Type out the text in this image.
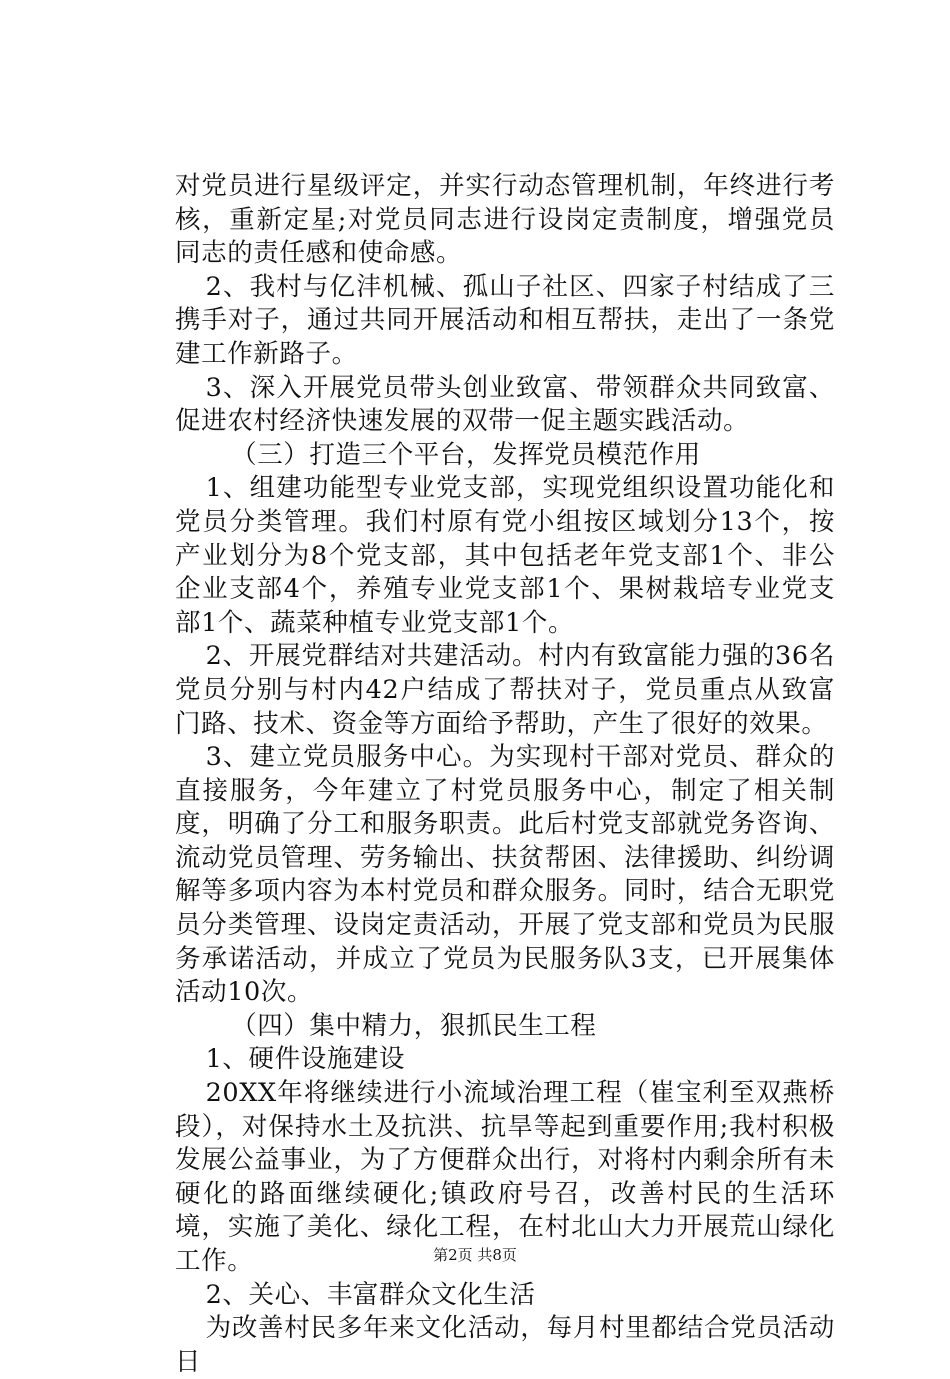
对党员进行星级评定，并实行动态管理机制，年终进行考核，重新定星;对党员同志进行设岗定责制度，增强党员同志的责任感和使命感。

2、我村与亿沣机械、孤山子社区、四家子村结成了三携手对子，通过共同开展活动和相互帮扶，走出了一条党建工作新路子。

3、深入开展党员带头创业致富、带领群众共同致富、促进农村经济快速发展的双带一促主题实践活动。

（三）打造三个平台，发挥党员模范作用

1、组建功能型专业党支部，实现党组织设置功能化和党员分类管理。我们村原有党小组按区域划分13个，按产业划分为8个党支部，其中包括老年党支部1个、非公企业支部4个，养殖专业党支部1个、果树栽培专业党支部1个、蔬菜种植专业党支部1个。

2、开展党群结对共建活动。村内有致富能力强的36名党员分别与村内42户结成了帮扶对子，党员重点从致富门路、技术、资金等方面给予帮助，产生了很好的效果。

3、建立党员服务中心。为实现村干部对党员、群众的直接服务，今年建立了村党员服务中心，制定了相关制度，明确了分工和服务职责。此后村党支部就党务咨询、流动党员管理、劳务输出、扶贫帮困、法律援助、纠纷调解等多项内容为本村党员和群众服务。同时，结合无职党员分类管理、设岗定责活动，开展了党支部和党员为民服务承诺活动，并成立了党员为民服务队3支，已开展集体活动10次。

（四）集中精力，狠抓民生工程

1、硬件设施建设

20XX年将继续进行小流域治理工程（崔宝利至双燕桥段），对保持水土及抗洪、抗旱等起到重要作用;我村积极发展公益事业，为了方便群众出行，对将村内剩余所有未硬化的路面继续硬化;镇政府号召，改善村民的生活环境，实施了美化、绿化工程，在村北山大力开展荒山绿化工作。

2、关心、丰富群众文化生活

为改善村民多年来文化活动，每月村里都结合党员活动日

第2页 共8页
